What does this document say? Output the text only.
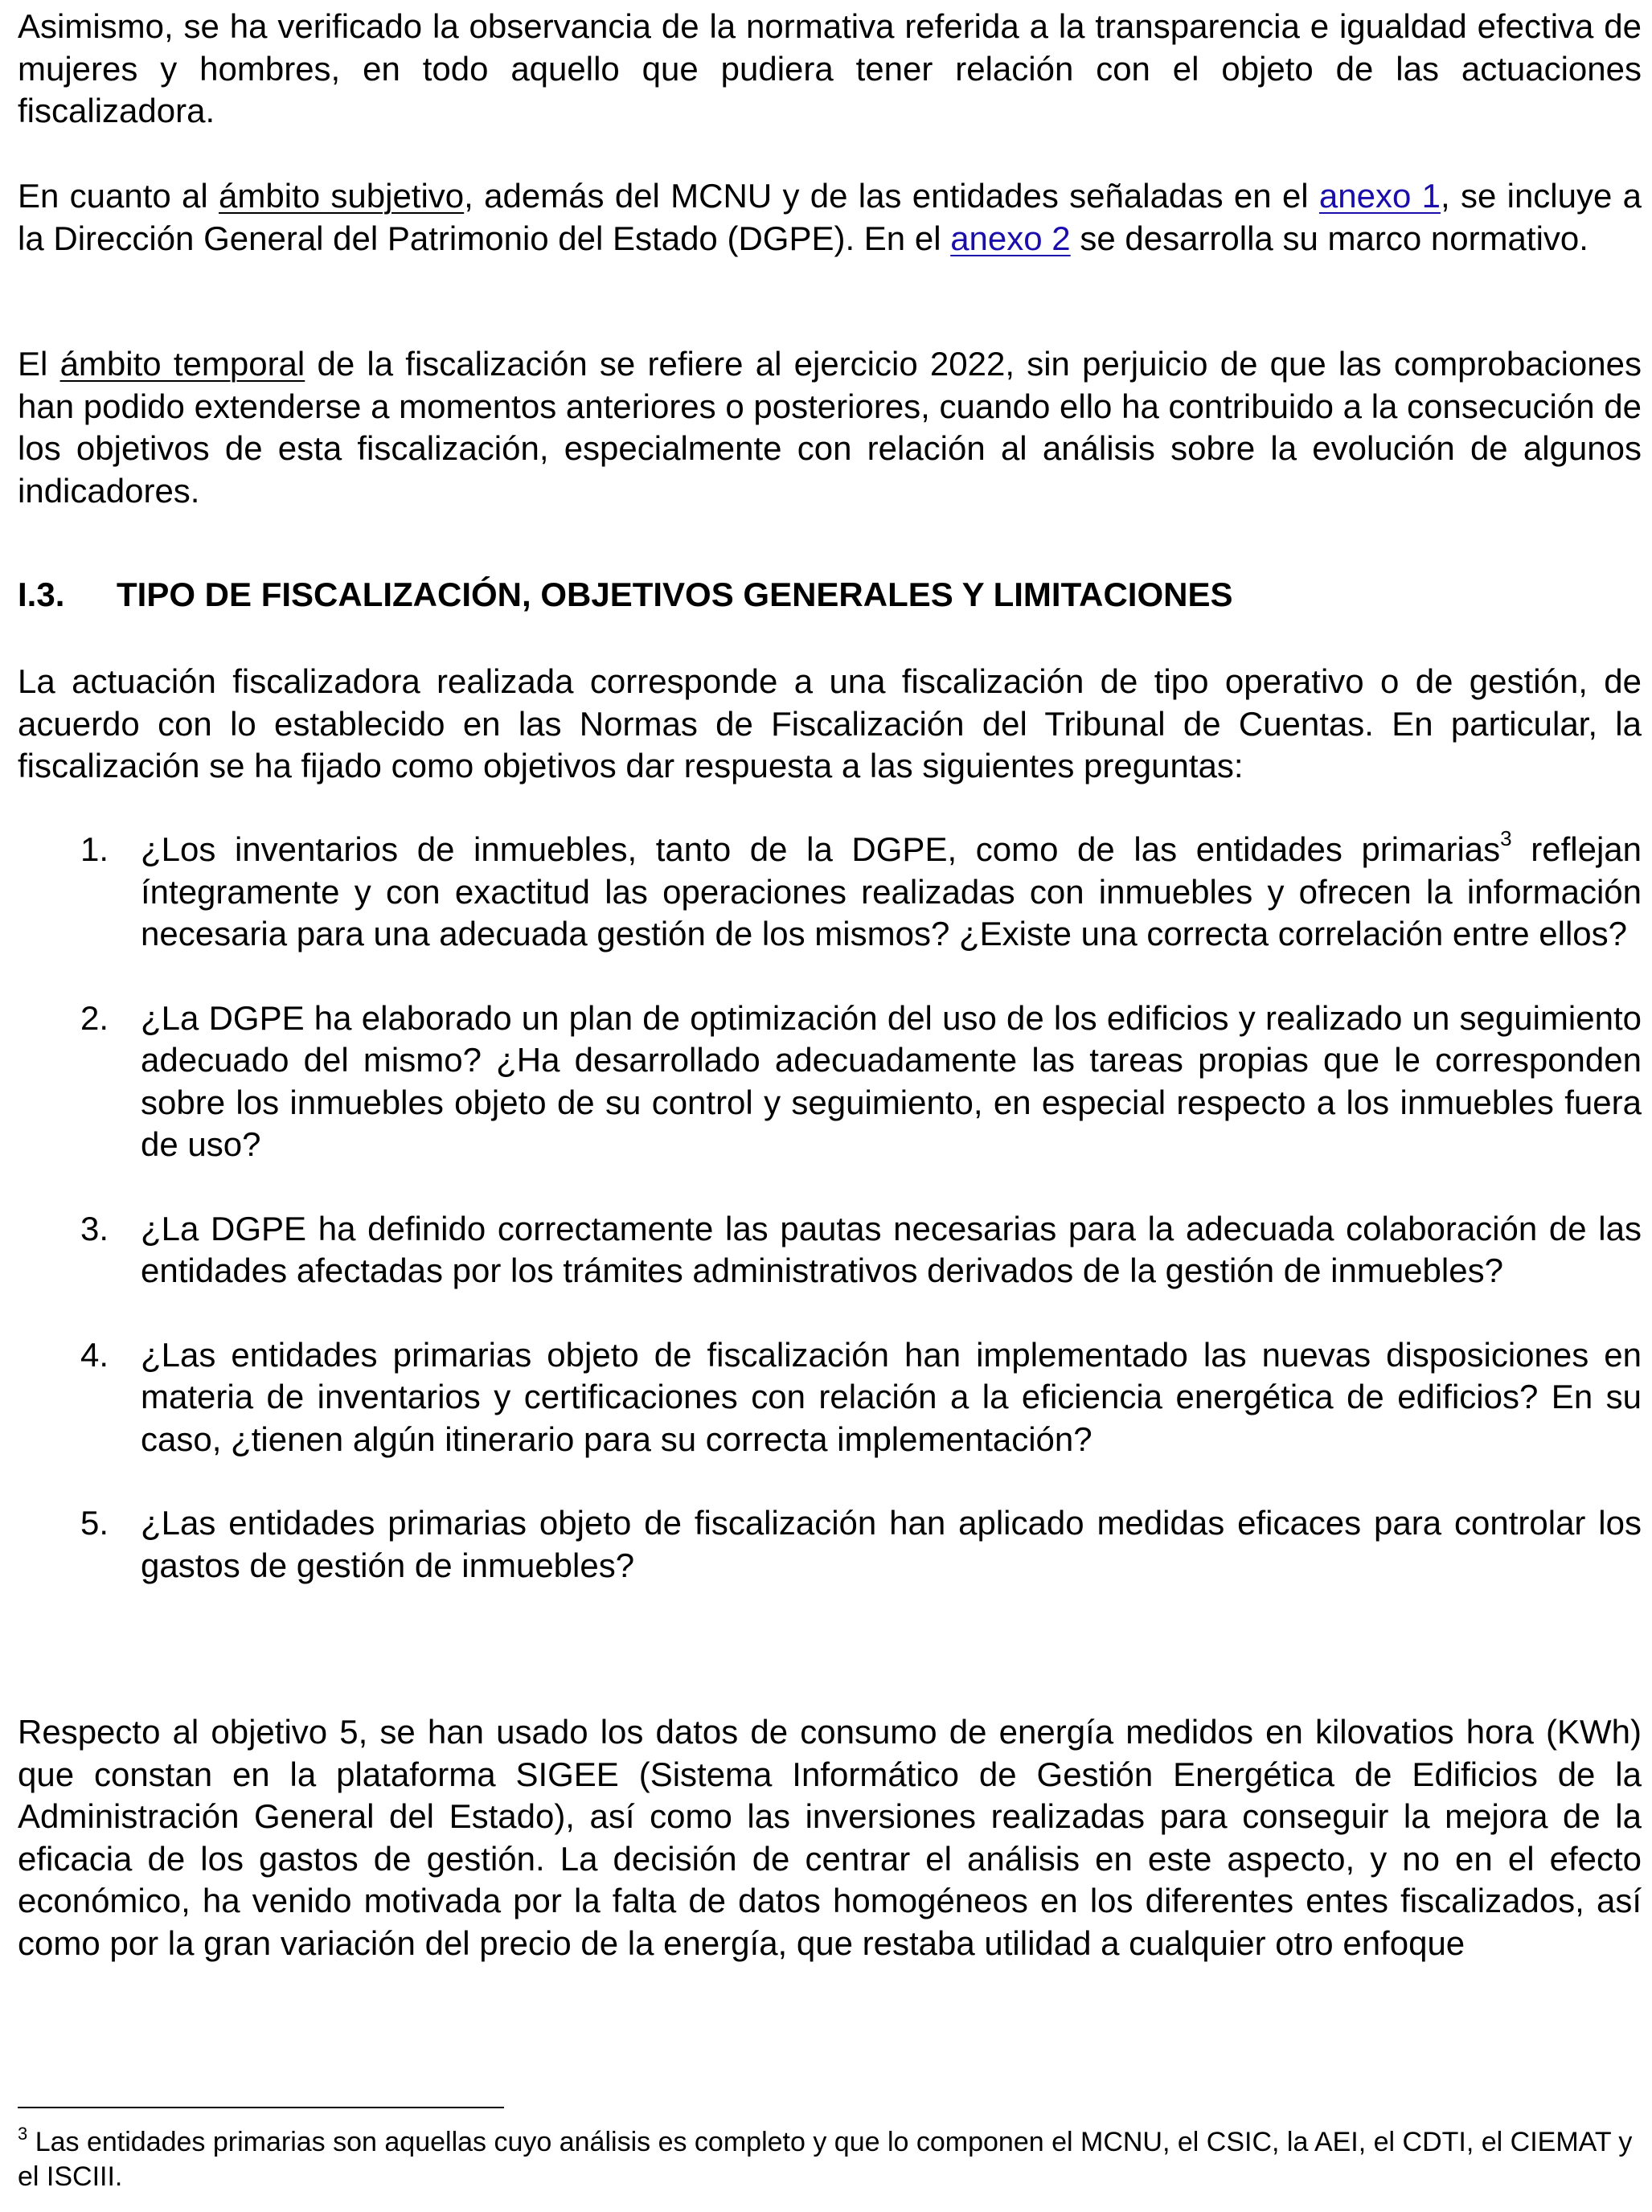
Asimismo, se ha verificado la observancia de la normativa referida a la transparencia e igualdad efectiva de mujeres y hombres, en todo aquello que pudiera tener relación con el objeto de las actuaciones fiscalizadora.

En cuanto al ámbito subjetivo, además del MCNU y de las entidades señaladas en el anexo 1, se incluye a la Dirección General del Patrimonio del Estado (DGPE). En el anexo 2 se desarrolla su marco normativo.

El ámbito temporal de la fiscalización se refiere al ejercicio 2022, sin perjuicio de que las comprobaciones han podido extenderse a momentos anteriores o posteriores, cuando ello ha contribuido a la consecución de los objetivos de esta fiscalización, especialmente con relación al análisis sobre la evolución de algunos indicadores.

I.3.	TIPO DE FISCALIZACIÓN, OBJETIVOS GENERALES Y LIMITACIONES

La actuación fiscalizadora realizada corresponde a una fiscalización de tipo operativo o de gestión, de acuerdo con lo establecido en las Normas de Fiscalización del Tribunal de Cuentas. En particular, la fiscalización se ha fijado como objetivos dar respuesta a las siguientes preguntas:

1. ¿Los inventarios de inmuebles, tanto de la DGPE, como de las entidades primarias$^3$ reflejan íntegramente y con exactitud las operaciones realizadas con inmuebles y ofrecen la información necesaria para una adecuada gestión de los mismos? ¿Existe una correcta correlación entre ellos?
2. ¿La DGPE ha elaborado un plan de optimización del uso de los edificios y realizado un seguimiento adecuado del mismo? ¿Ha desarrollado adecuadamente las tareas propias que le corresponden sobre los inmuebles objeto de su control y seguimiento, en especial respecto a los inmuebles fuera de uso?
3. ¿La DGPE ha definido correctamente las pautas necesarias para la adecuada colaboración de las entidades afectadas por los trámites administrativos derivados de la gestión de inmuebles?
4. ¿Las entidades primarias objeto de fiscalización han implementado las nuevas disposiciones en materia de inventarios y certificaciones con relación a la eficiencia energética de edificios? En su caso, ¿tienen algún itinerario para su correcta implementación?
5. ¿Las entidades primarias objeto de fiscalización han aplicado medidas eficaces para controlar los gastos de gestión de inmuebles?

Respecto al objetivo 5, se han usado los datos de consumo de energía medidos en kilovatios hora (KWh) que constan en la plataforma SIGEE (Sistema Informático de Gestión Energética de Edificios de la Administración General del Estado), así como las inversiones realizadas para conseguir la mejora de la eficacia de los gastos de gestión. La decisión de centrar el análisis en este aspecto, y no en el efecto económico, ha venido motivada por la falta de datos homogéneos en los diferentes entes fiscalizados, así como por la gran variación del precio de la energía, que restaba utilidad a cualquier otro enfoque

$^3$ Las entidades primarias son aquellas cuyo análisis es completo y que lo componen el MCNU, el CSIC, la AEI, el CDTI, el CIEMAT y el ISCIII.
